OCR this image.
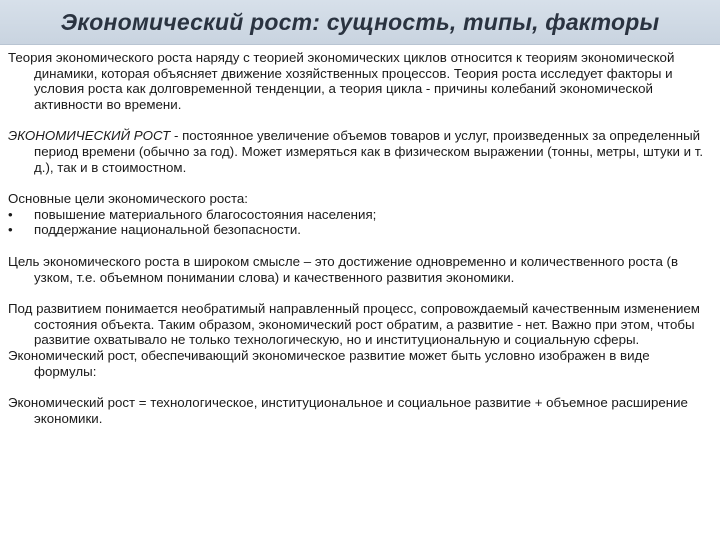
Экономический рост: сущность, типы, факторы

Теория экономического роста наряду с теорией экономических циклов относится к теориям экономической динамики, которая объясняет движение хозяйственных процессов. Теория роста исследует факторы и условия роста как долговременной тенденции, а теория цикла - причины колебаний экономической активности во времени.

ЭКОНОМИЧЕСКИЙ РОСТ - постоянное увеличение объемов товаров и услуг, произведенных за определенный период времени (обычно за год). Может измеряться как в физическом выражении (тонны, метры, штуки и т. д.), так и в стоимостном.

Основные цели экономического роста:
•	повышение материального благосостояния населения;
•	поддержание национальной безопасности.

Цель экономического роста в широком смысле – это достижение одновременно и количественного роста (в узком, т.е. объемном понимании слова) и качественного развития экономики.

Под развитием понимается необратимый направленный процесс, сопровождаемый качественным изменением состояния объекта. Таким образом, экономический рост обратим, а развитие - нет. Важно при этом, чтобы развитие охватывало не только технологическую, но и институциональную и социальную сферы.

Экономический рост, обеспечивающий экономическое развитие может быть условно изображен в виде формулы:

Экономический рост = технологическое, институциональное и социальное развитие + объемное расширение экономики.
